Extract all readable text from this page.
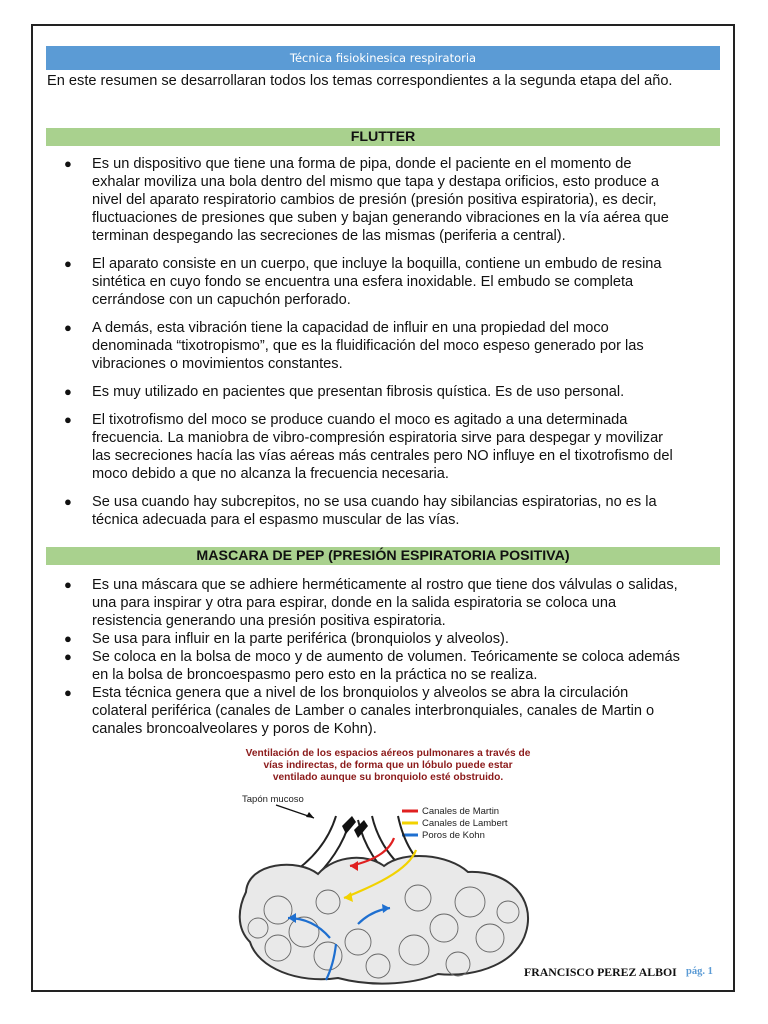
Técnica fisiokinesica respiratoria
En este resumen se desarrollaran todos los temas correspondientes a la segunda etapa del año.
FLUTTER
● Es un dispositivo que tiene una forma de pipa, donde el paciente en el momento de
exhalar moviliza una bola dentro del mismo que tapa y destapa orificios, esto produce a
nivel del aparato respiratorio cambios de presión (presión positiva espiratoria), es decir,
fluctuaciones de presiones que suben y bajan generando vibraciones en la vía aérea que
terminan despegando las secreciones de las mismas (periferia a central).
● El aparato consiste en un cuerpo, que incluye la boquilla, contiene un embudo de resina
sintética en cuyo fondo se encuentra una esfera inoxidable. El embudo se completa
cerrándose con un capuchón perforado.
● A demás, esta vibración tiene la capacidad de influir en una propiedad del moco
denominada “tixotropismo”, que es la fluidificación del moco espeso generado por las
vibraciones o movimientos constantes.
● Es muy utilizado en pacientes que presentan fibrosis quística. Es de uso personal.
● El tixotrofismo del moco se produce cuando el moco es agitado a una determinada
frecuencia. La maniobra de vibro-compresión espiratoria sirve para despegar y movilizar
las secreciones hacía las vías aéreas más centrales pero NO influye en el tixotrofismo del
moco debido a que no alcanza la frecuencia necesaria.
● Se usa cuando hay subcrepitos, no se usa cuando hay sibilancias espiratorias, no es la
técnica adecuada para el espasmo muscular de las vías.
MASCARA DE PEP (PRESIÓN ESPIRATORIA POSITIVA)
● Es una máscara que se adhiere herméticamente al rostro que tiene dos válvulas o salidas,
una para inspirar y otra para espirar, donde en la salida espiratoria se coloca una
resistencia generando una presión positiva espiratoria.
● Se usa para influir en la parte periférica (bronquiolos y alveolos).
● Se coloca en la bolsa de moco y de aumento de volumen. Teóricamente se coloca además
en la bolsa de broncoespasmo pero esto en la práctica no se realiza.
● Esta técnica genera que a nivel de los bronquiolos y alveolos se abra la circulación
colateral periférica (canales de Lamber o canales interbronquiales, canales de Martin o
canales broncoalveolares y poros de Kohn).
Ventilación de los espacios aéreos pulmonares a través de
vías indirectas, de forma que un lóbulo puede estar
ventilado aunque su bronquiolo esté obstruido.
Tapón mucoso
Canales de Martin
Canales de Lambert
Poros de Kohn
FRANCISCO PEREZ ALBOI pág. 1
